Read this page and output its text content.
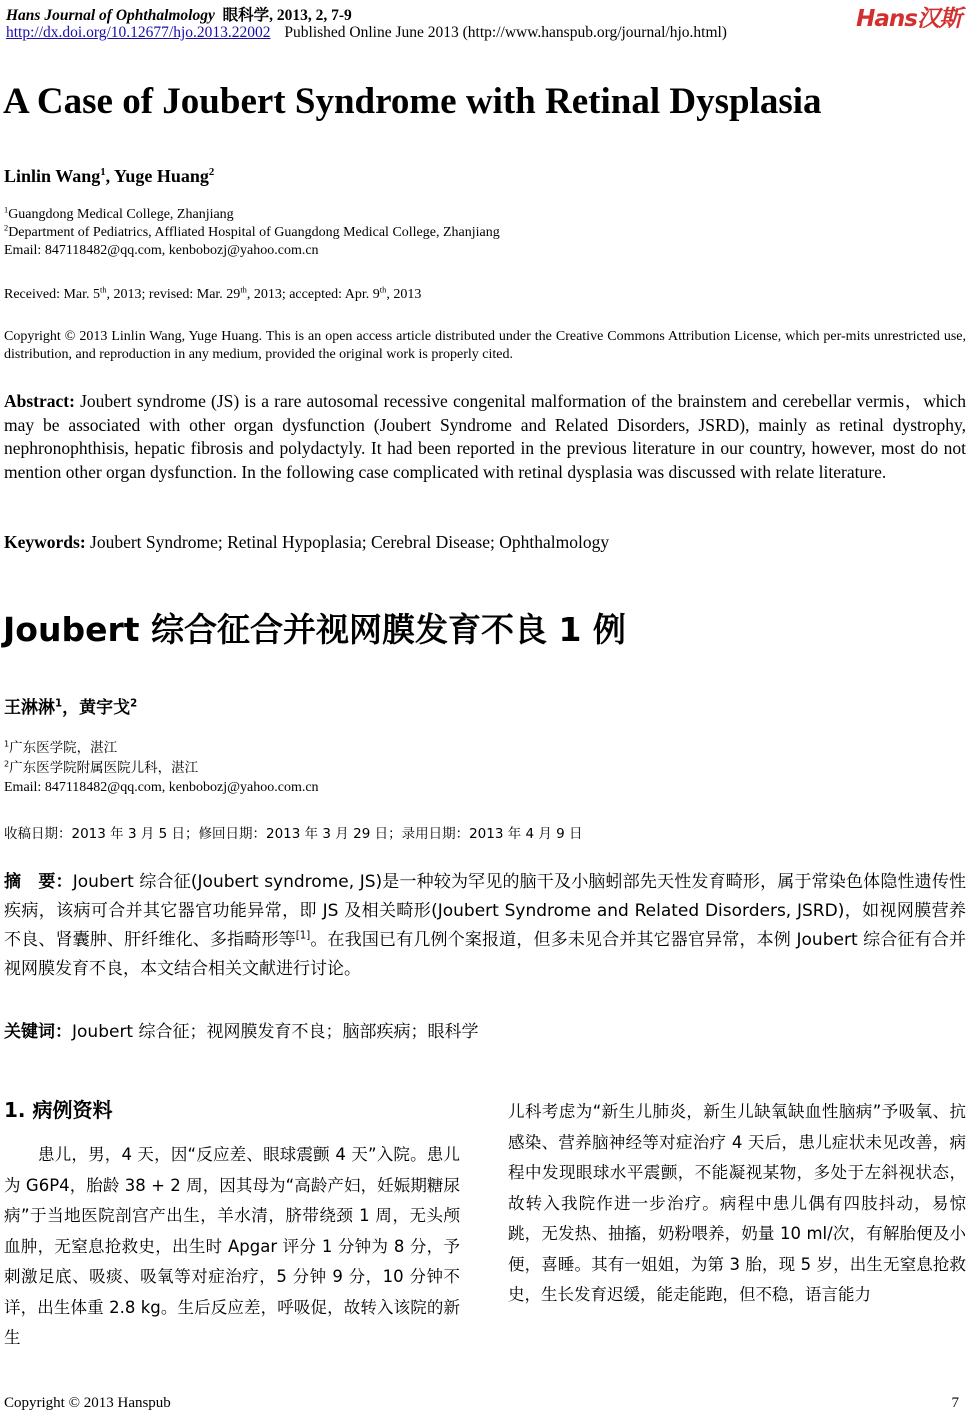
Hans Journal of Ophthalmology 眼科学, 2013, 2, 7-9
http://dx.doi.org/10.12677/hjo.2013.22002 Published Online June 2013 (http://www.hanspub.org/journal/hjo.html)
Hans汉斯
A Case of Joubert Syndrome with Retinal Dysplasia
Linlin Wang$^1$, Yuge Huang$^2$
$^1$Guangdong Medical College, Zhanjiang
$^2$Department of Pediatrics, Affliated Hospital of Guangdong Medical College, Zhanjiang
Email: 847118482@qq.com, kenbobozj@yahoo.com.cn
Received: Mar. 5th, 2013; revised: Mar. 29th, 2013; accepted: Apr. 9th, 2013
Copyright © 2013 Linlin Wang, Yuge Huang. This is an open access article distributed under the Creative Commons Attribution License, which per-mits unrestricted use, distribution, and reproduction in any medium, provided the original work is properly cited.
Abstract: Joubert syndrome (JS) is a rare autosomal recessive congenital malformation of the brainstem and cerebellar vermis，which may be associated with other organ dysfunction (Joubert Syndrome and Related Disorders, JSRD), mainly as retinal dystrophy, nephronophthisis, hepatic fibrosis and polydactyly. It had been reported in the previous literature in our country, however, most do not mention other organ dysfunction. In the following case complicated with retinal dysplasia was discussed with relate literature.
Keywords: Joubert Syndrome; Retinal Hypoplasia; Cerebral Disease; Ophthalmology
Joubert 综合征合并视网膜发育不良 1 例
王淋淋$^1$，黄宇戈$^2$
$^1$广东医学院，湛江
$^2$广东医学院附属医院儿科，湛江
Email: 847118482@qq.com, kenbobozj@yahoo.com.cn
收稿日期：2013 年 3 月 5 日；修回日期：2013 年 3 月 29 日；录用日期：2013 年 4 月 9 日
摘　要：Joubert 综合征(Joubert syndrome, JS)是一种较为罕见的脑干及小脑蚓部先天性发育畸形，属于常染色体隐性遗传性疾病，该病可合并其它器官功能异常，即 JS 及相关畸形(Joubert Syndrome and Related Disorders, JSRD)，如视网膜营养不良、肾囊肿、肝纤维化、多指畸形等[1]。在我国已有几例个案报道，但多未见合并其它器官异常，本例 Joubert 综合征有合并视网膜发育不良，本文结合相关文献进行讨论。
关键词：Joubert 综合征；视网膜发育不良；脑部疾病；眼科学
1. 病例资料
患儿，男，4 天，因“反应差、眼球震颤 4 天”入院。患儿为 G6P4，胎龄 38 + 2 周，因其母为“高龄产妇，妊娠期糖尿病”于当地医院剖宫产出生，羊水清，脐带绕颈 1 周，无头颅血肿，无窒息抢救史，出生时 Apgar 评分 1 分钟为 8 分，予刺激足底、吸痰、吸氧等对症治疗，5 分钟 9 分，10 分钟不详，出生体重 2.8 kg。生后反应差，呼吸促，故转入该院的新生
儿科考虑为“新生儿肺炎，新生儿缺氧缺血性脑病”予吸氧、抗感染、营养脑神经等对症治疗 4 天后，患儿症状未见改善，病程中发现眼球水平震颤，不能凝视某物，多处于左斜视状态，故转入我院作进一步治疗。病程中患儿偶有四肢抖动，易惊跳，无发热、抽搐，奶粉喂养，奶量 10 ml/次，有解胎便及小便，喜睡。其有一姐姐，为第 3 胎，现 5 岁，出生无窒息抢救史，生长发育迟缓，能走能跑，但不稳，语言能力
Copyright © 2013 Hanspub	7
